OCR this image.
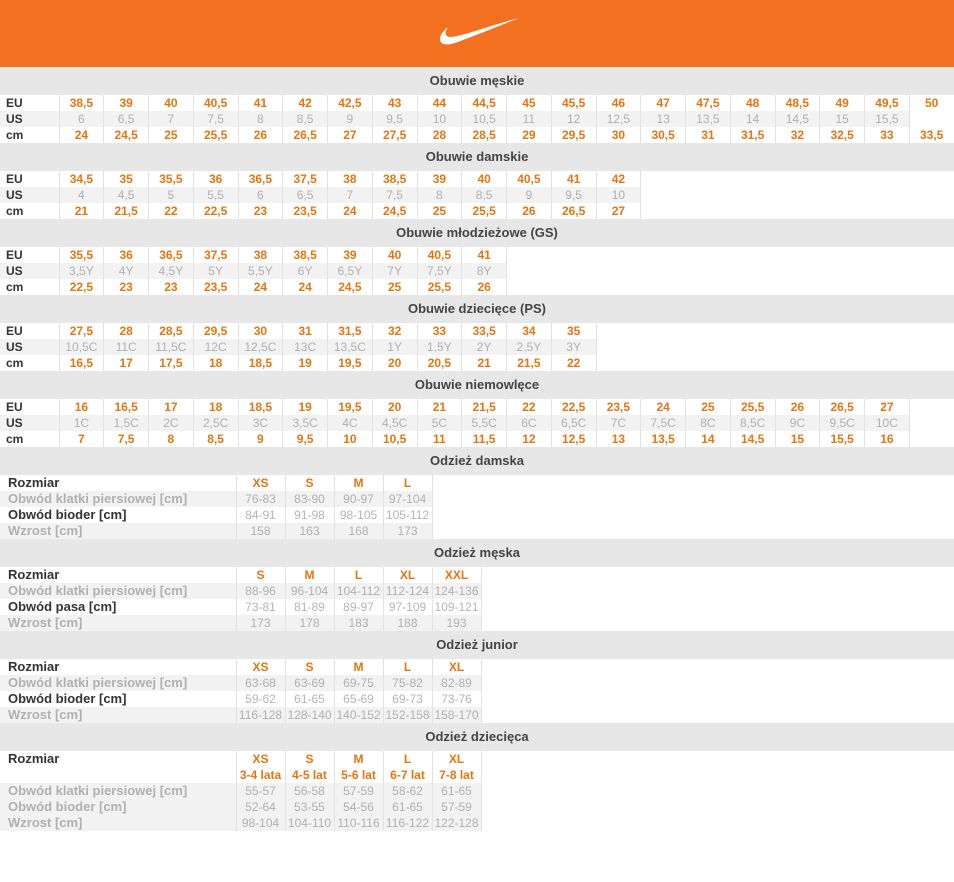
Obuwie męskie
EU	38,5	39	40	40,5	41	42	42,5	43	44	44,5	45	45,5	46	47	47,5	48	48,5	49	49,5	50
US	6	6,5	7	7,5	8	8,5	9	9,5	10	10,5	11	12	12,5	13	13,5	14	14,5	15	15,5	
cm	24	24,5	25	25,5	26	26,5	27	27,5	28	28,5	29	29,5	30	30,5	31	31,5	32	32,5	33	33,5
Obuwie damskie
EU	34,5	35	35,5	36	36,5	37,5	38	38,5	39	40	40,5	41	42							
US	4	4,5	5	5,5	6	6,5	7	7,5	8	8,5	9	9,5	10							
cm	21	21,5	22	22,5	23	23,5	24	24,5	25	25,5	26	26,5	27							
Obuwie młodzieżowe (GS)
EU	35,5	36	36,5	37,5	38	38,5	39	40	40,5	41										
US	3,5Y	4Y	4,5Y	5Y	5,5Y	6Y	6,5Y	7Y	7,5Y	8Y										
cm	22,5	23	23	23,5	24	24	24,5	25	25,5	26										
Obuwie dziecięce (PS)
EU	27,5	28	28,5	29,5	30	31	31,5	32	33	33,5	34	35								
US	10,5C	11C	11,5C	12C	12,5C	13C	13,5C	1Y	1,5Y	2Y	2,5Y	3Y								
cm	16,5	17	17,5	18	18,5	19	19,5	20	20,5	21	21,5	22								
Obuwie niemowlęce
EU	16	16,5	17	18	18,5	19	19,5	20	21	21,5	22	22,5	23,5	24	25	25,5	26	26,5	27	
US	1C	1,5C	2C	2,5C	3C	3,5C	4C	4,5C	5C	5,5C	6C	6,5C	7C	7,5C	8C	8,5C	9C	9,5C	10C	
cm	7	7,5	8	8,5	9	9,5	10	10,5	11	11,5	12	12,5	13	13,5	14	14,5	15	15,5	16	
Odzież damska
Rozmiar	XS	S	M	L
Obwód klatki piersiowej [cm]	76-83	83-90	90-97	97-104
Obwód bioder [cm]	84-91	91-98	98-105	105-112
Wzrost [cm]	158	163	168	173
Odzież męska
Rozmiar	S	M	L	XL	XXL
Obwód klatki piersiowej [cm]	88-96	96-104	104-112	112-124	124-136
Obwód pasa [cm]	73-81	81-89	89-97	97-109	109-121
Wzrost [cm]	173	178	183	188	193
Odzież junior
Rozmiar	XS	S	M	L	XL
Obwód klatki piersiowej [cm]	63-68	63-69	69-75	75-82	82-89
Obwód bioder [cm]	59-62	61-65	65-69	69-73	73-76
Wzrost [cm]	116-128	128-140	140-152	152-158	158-170
Odzież dziecięca
Rozmiar	XS	S	M	L	XL
	3-4 lata	4-5 lat	5-6 lat	6-7 lat	7-8 lat
Obwód klatki piersiowej [cm]	55-57	56-58	57-59	58-62	61-65
Obwód bioder [cm]	52-64	53-55	54-56	61-65	57-59
Wzrost [cm]	98-104	104-110	110-116	116-122	122-128
